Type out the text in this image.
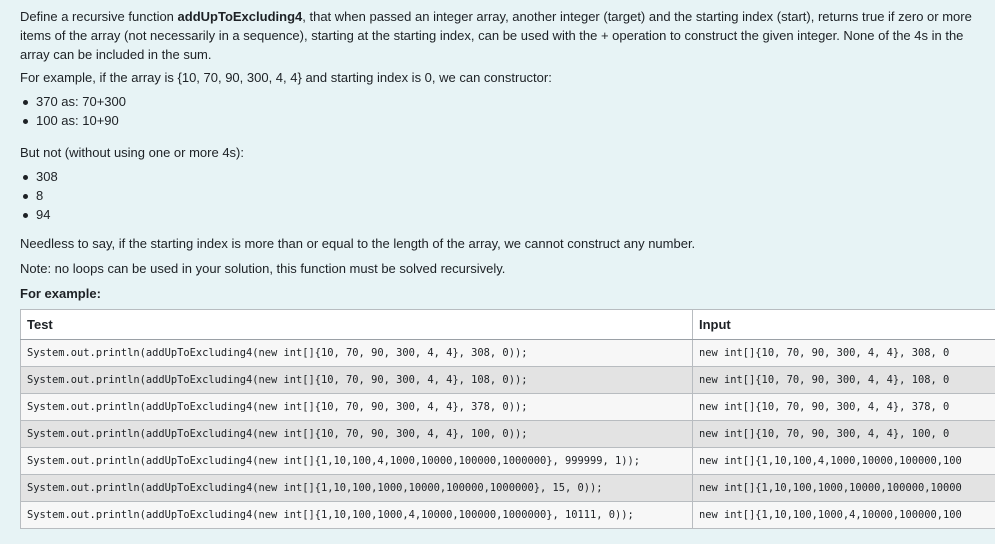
Define a recursive function addUpToExcluding4, that when passed an integer array, another integer (target) and the starting index (start), returns true if zero or more items of the array (not necessarily in a sequence), starting at the starting index, can be used with the + operation to construct the given integer. None of the 4s in the array can be included in the sum.

For example, if the array is {10, 70, 90, 300, 4, 4} and starting index is 0, we can constructor:

370 as: 70+300
100 as: 10+90

But not (without using one or more 4s):

308
8
94

Needless to say, if the starting index is more than or equal to the length of the array, we cannot construct any number.

Note: no loops can be used in your solution, this function must be solved recursively.

For example:

Test	Input
System.out.println(addUpToExcluding4(new int[]{10, 70, 90, 300, 4, 4}, 308, 0));	new int[]{10, 70, 90, 300, 4, 4}, 308, 0
System.out.println(addUpToExcluding4(new int[]{10, 70, 90, 300, 4, 4}, 108, 0));	new int[]{10, 70, 90, 300, 4, 4}, 108, 0
System.out.println(addUpToExcluding4(new int[]{10, 70, 90, 300, 4, 4}, 378, 0));	new int[]{10, 70, 90, 300, 4, 4}, 378, 0
System.out.println(addUpToExcluding4(new int[]{10, 70, 90, 300, 4, 4}, 100, 0));	new int[]{10, 70, 90, 300, 4, 4}, 100, 0
System.out.println(addUpToExcluding4(new int[]{1,10,100,4,1000,10000,100000,1000000}, 999999, 1));	new int[]{1,10,100,4,1000,10000,100000,100
System.out.println(addUpToExcluding4(new int[]{1,10,100,1000,10000,100000,1000000}, 15, 0));	new int[]{1,10,100,1000,10000,100000,10000
System.out.println(addUpToExcluding4(new int[]{1,10,100,1000,4,10000,100000,1000000}, 10111, 0));	new int[]{1,10,100,1000,4,10000,100000,100
